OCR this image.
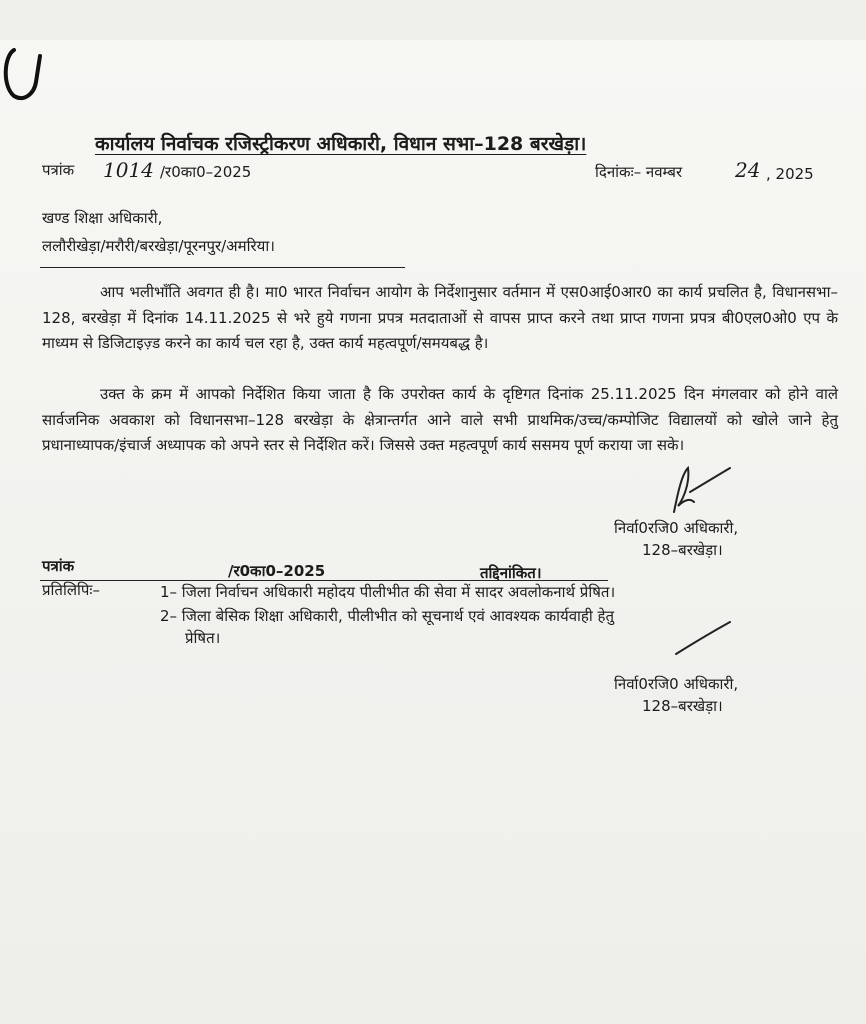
कार्यालय निर्वाचक रजिस्ट्रीकरण अधिकारी, विधान सभा–128 बरखेड़ा।
पत्रांक 1014 /र0का0–2025	दिनांकः– नवम्बर	24 , 2025
खण्ड शिक्षा अधिकारी,
ललौरीखेड़ा/मरौरी/बरखेड़ा/पूरनपुर/अमरिया।
आप भलीभाँति अवगत ही है। मा0 भारत निर्वाचन आयोग के निर्देशानुसार वर्तमान में एस0आई0आर0 का कार्य प्रचलित है, विधानसभा–128, बरखेड़ा में दिनांक 14.11.2025 से भरे हुये गणना प्रपत्र मतदाताओं से वापस प्राप्त करने तथा प्राप्त गणना प्रपत्र बी0एल0ओ0 एप के माध्यम से डिजिटाइज़्ड करने का कार्य चल रहा है, उक्त कार्य महत्वपूर्ण/समयबद्ध है।
उक्त के क्रम में आपको निर्देशित किया जाता है कि उपरोक्त कार्य के दृष्टिगत दिनांक 25.11.2025 दिन मंगलवार को होने वाले सार्वजनिक अवकाश को विधानसभा–128 बरखेड़ा के क्षेत्रान्तर्गत आने वाले सभी प्राथमिक/उच्च/कम्पोजिट विद्यालयों को खोले जाने हेतु प्रधानाध्यापक/इंचार्ज अध्यापक को अपने स्तर से निर्देशित करें। जिससे उक्त महत्वपूर्ण कार्य ससमय पूर्ण कराया जा सके।
निर्वा0रजि0 अधिकारी,
128–बरखेड़ा।
पत्रांक	/र0का0–2025	तद्दिनांकित।
प्रतिलिपिः–	1– जिला निर्वाचन अधिकारी महोदय पीलीभीत की सेवा में सादर अवलोकनार्थ प्रेषित।
2– जिला बेसिक शिक्षा अधिकारी, पीलीभीत को सूचनार्थ एवं आवश्यक कार्यवाही हेतु
प्रेषित।
निर्वा0रजि0 अधिकारी,
128–बरखेड़ा।
